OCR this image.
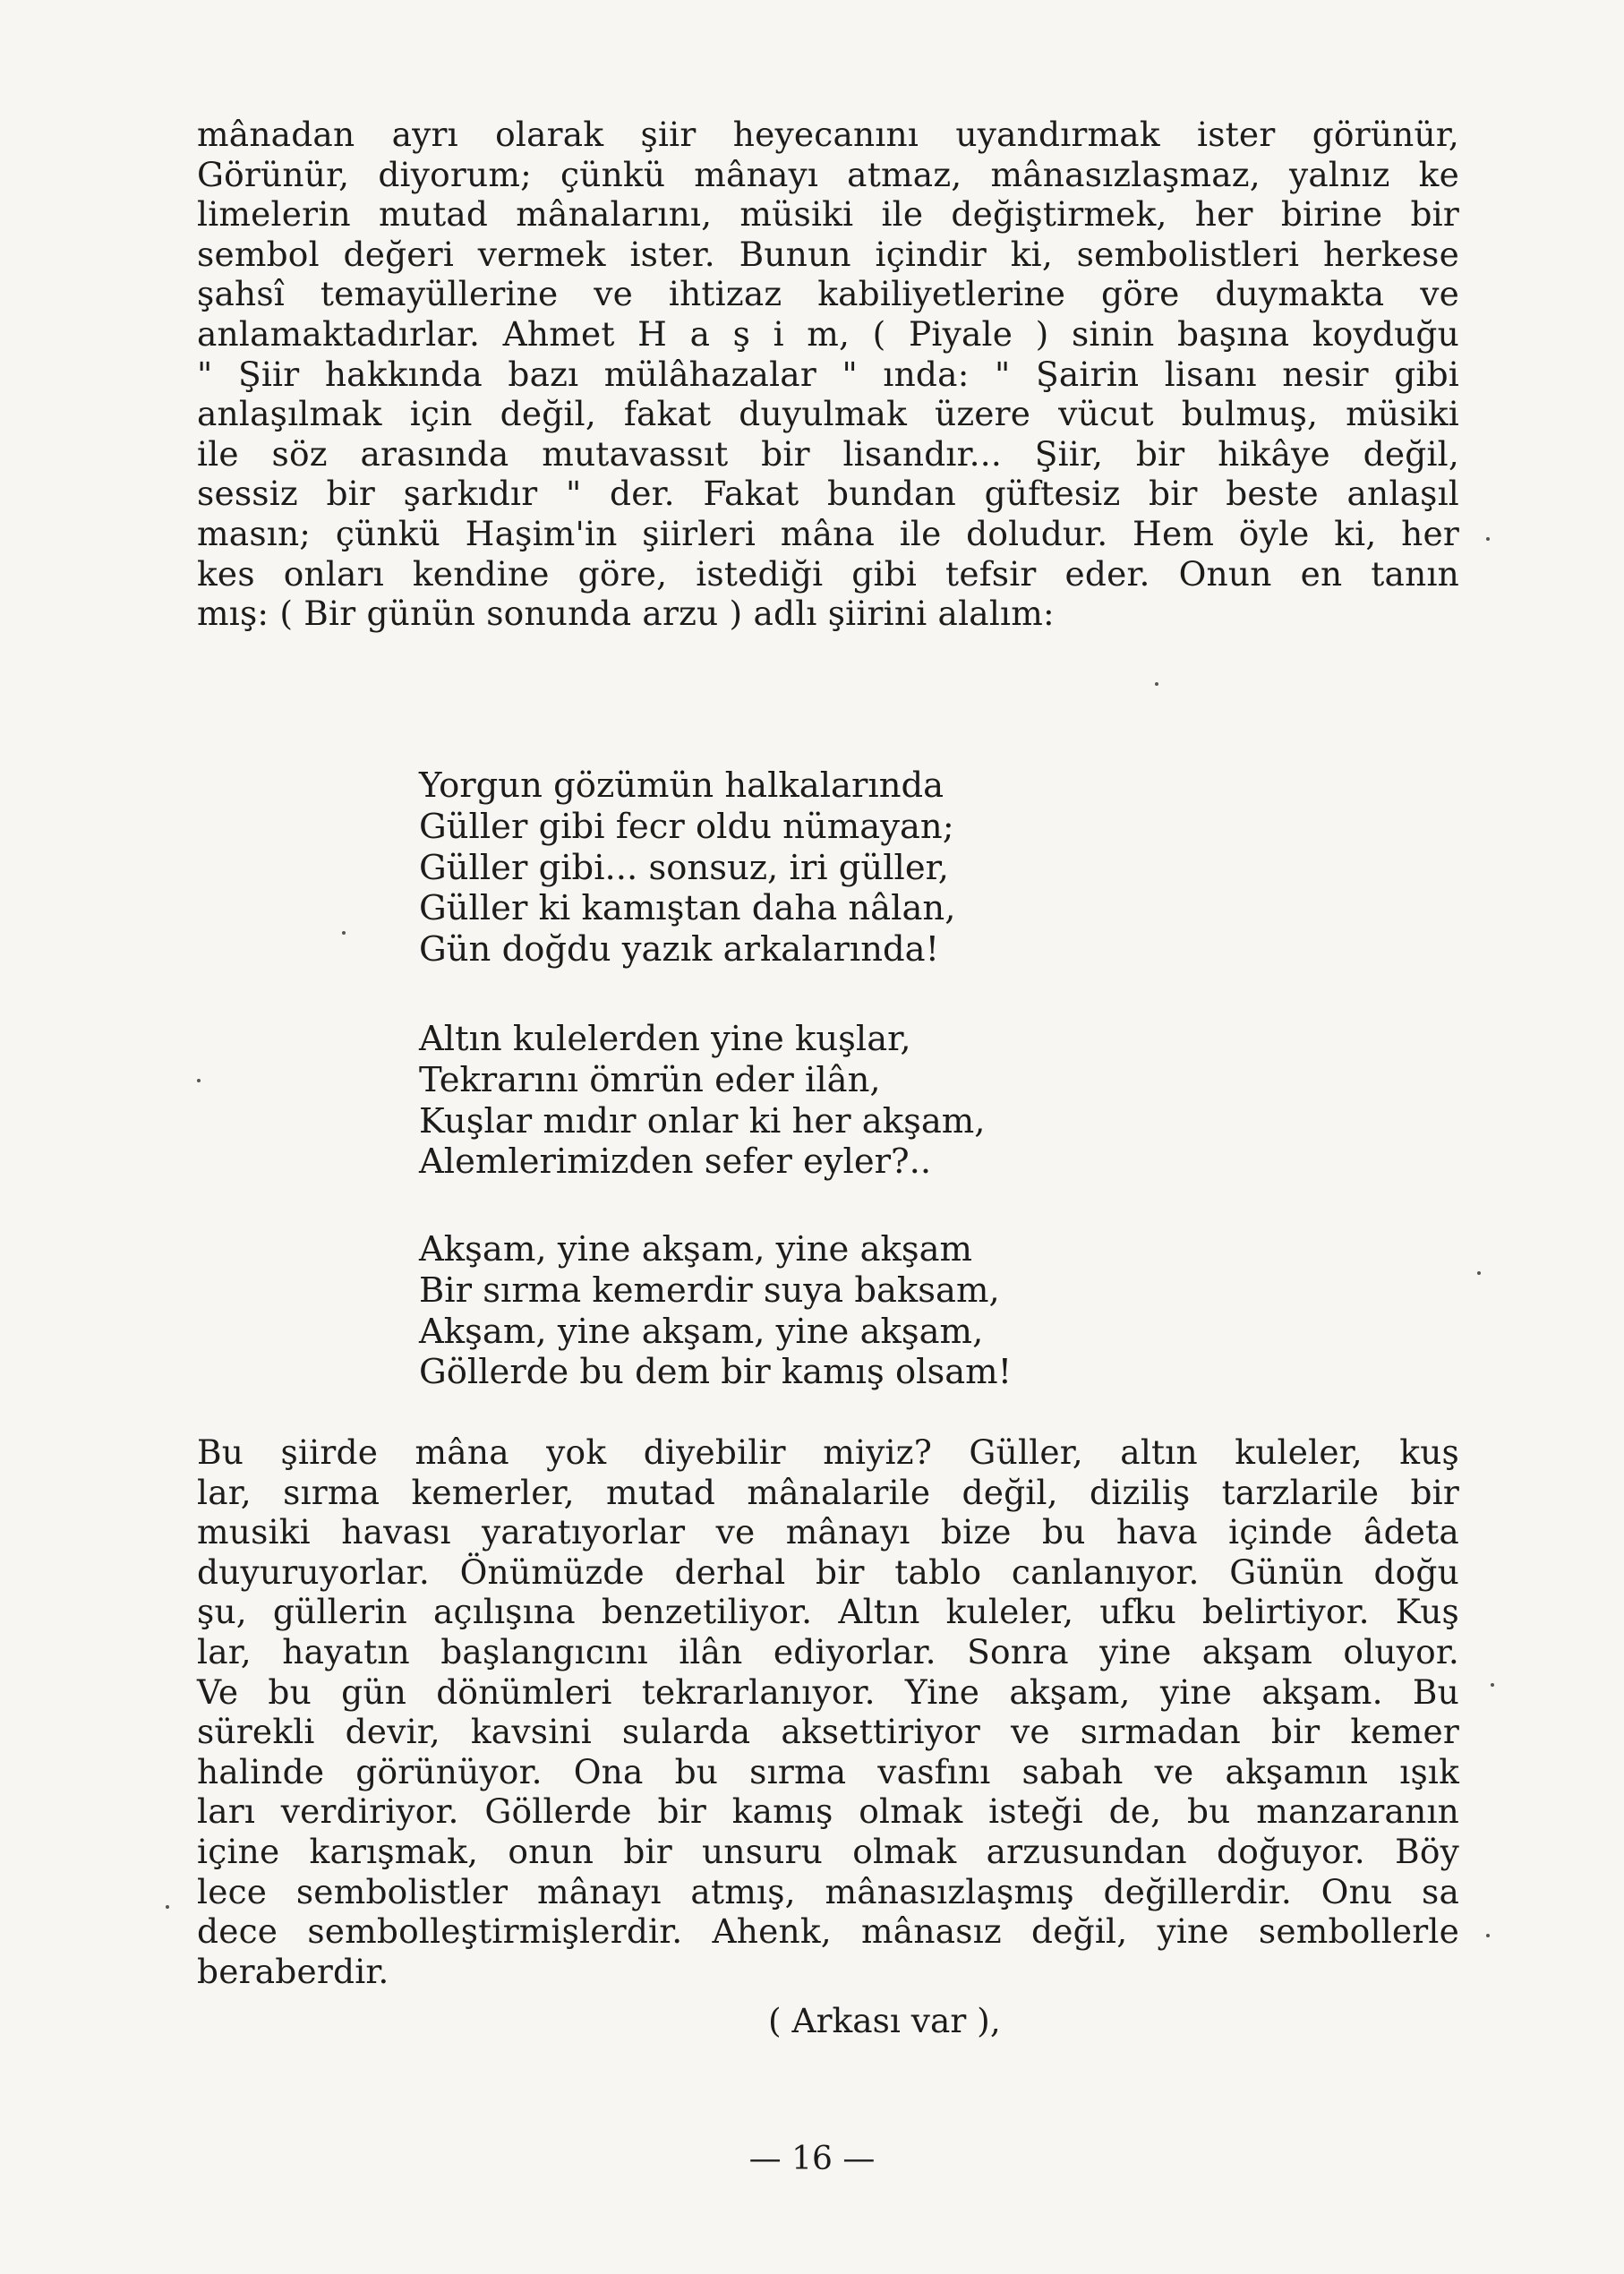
mânadan ayrı olarak şiir heyecanını uyandırmak ister görünür,
Görünür, diyorum; çünkü mânayı atmaz, mânasızlaşmaz, yalnız ke
limelerin mutad mânalarını, müsiki ile değiştirmek, her birine bir
sembol değeri vermek ister. Bunun içindir ki, sembolistleri herkese
şahsî temayüllerine ve ihtizaz kabiliyetlerine göre duymakta ve
anlamaktadırlar. Ahmet H a ş i m, ( Piyale ) sinin başına koyduğu
" Şiir hakkında bazı mülâhazalar " ında: " Şairin lisanı nesir gibi
anlaşılmak için değil, fakat duyulmak üzere vücut bulmuş, müsiki
ile söz arasında mutavassıt bir lisandır... Şiir, bir hikâye değil,
sessiz bir şarkıdır " der. Fakat bundan güftesiz bir beste anlaşıl
masın; çünkü Haşim'in şiirleri mâna ile doludur. Hem öyle ki, her
kes onları kendine göre, istediği gibi tefsir eder. Onun en tanın
mış: ( Bir günün sonunda arzu ) adlı şiirini alalım:
Yorgun gözümün halkalarında
Güller gibi fecr oldu nümayan;
Güller gibi... sonsuz, iri güller,
Güller ki kamıştan daha nâlan,
Gün doğdu yazık arkalarında!
Altın kulelerden yine kuşlar,
Tekrarını ömrün eder ilân,
Kuşlar mıdır onlar ki her akşam,
Alemlerimizden sefer eyler?..
Akşam, yine akşam, yine akşam
Bir sırma kemerdir suya baksam,
Akşam, yine akşam, yine akşam,
Göllerde bu dem bir kamış olsam!
Bu şiirde mâna yok diyebilir miyiz? Güller, altın kuleler, kuş
lar, sırma kemerler, mutad mânalarile değil, diziliş tarzlarile bir
musiki havası yaratıyorlar ve mânayı bize bu hava içinde âdeta
duyuruyorlar. Önümüzde derhal bir tablo canlanıyor. Günün doğu
şu, güllerin açılışına benzetiliyor. Altın kuleler, ufku belirtiyor. Kuş
lar, hayatın başlangıcını ilân ediyorlar. Sonra yine akşam oluyor.
Ve bu gün dönümleri tekrarlanıyor. Yine akşam, yine akşam. Bu
sürekli devir, kavsini sularda aksettiriyor ve sırmadan bir kemer
halinde görünüyor. Ona bu sırma vasfını sabah ve akşamın ışık
ları verdiriyor. Göllerde bir kamış olmak isteği de, bu manzaranın
içine karışmak, onun bir unsuru olmak arzusundan doğuyor. Böy
lece sembolistler mânayı atmış, mânasızlaşmış değillerdir. Onu sa
dece sembolleştirmişlerdir. Ahenk, mânasız değil, yine sembollerle
beraberdir.
( Arkası var ),
— 16 —
